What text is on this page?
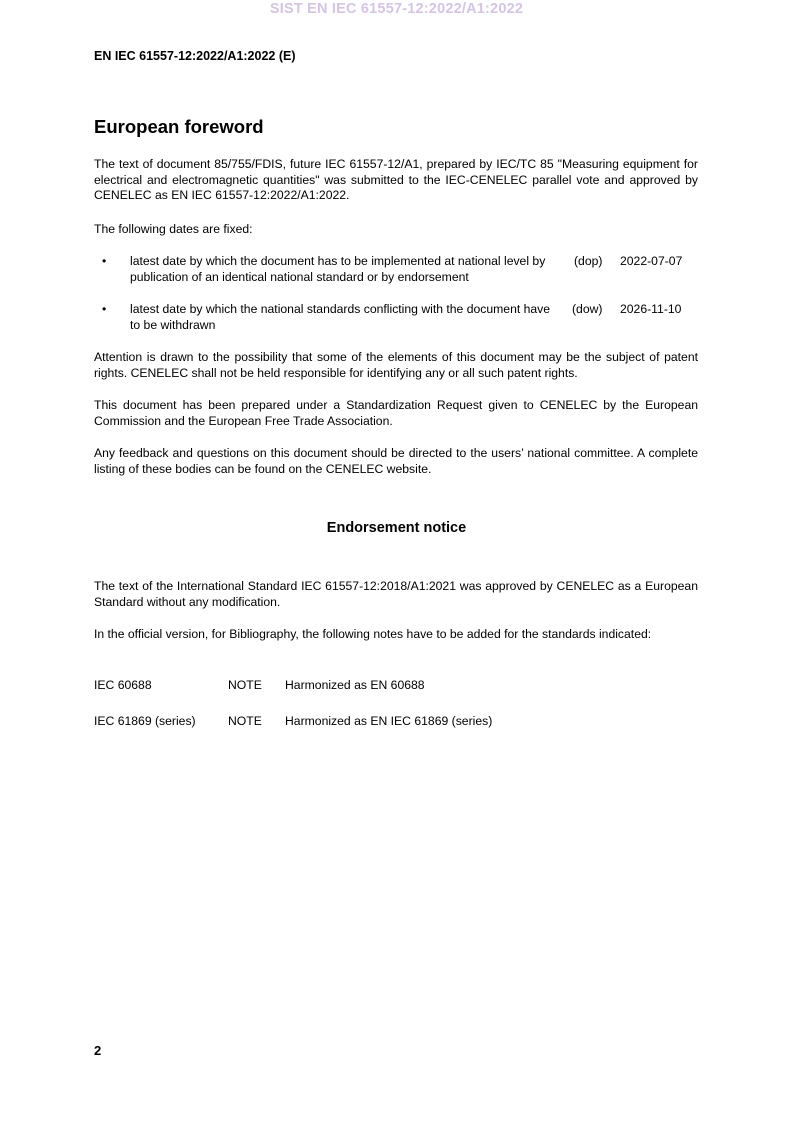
SIST EN IEC 61557-12:2022/A1:2022
EN IEC 61557-12:2022/A1:2022 (E)
European foreword

The text of document 85/755/FDIS, future IEC 61557-12/A1, prepared by IEC/TC 85 "Measuring equipment for electrical and electromagnetic quantities" was submitted to the IEC-CENELEC parallel vote and approved by CENELEC as EN IEC 61557-12:2022/A1:2022.

The following dates are fixed:

• latest date by which the document has to be implemented at national level by publication of an identical national standard or by endorsement
(dop) 2022-07-07
• latest date by which the national standards conflicting with the document have to be withdrawn
(dow) 2026-11-10

Attention is drawn to the possibility that some of the elements of this document may be the subject of patent rights. CENELEC shall not be held responsible for identifying any or all such patent rights.

This document has been prepared under a Standardization Request given to CENELEC by the European Commission and the European Free Trade Association.

Any feedback and questions on this document should be directed to the users’ national committee. A complete listing of these bodies can be found on the CENELEC website.

Endorsement notice

The text of the International Standard IEC 61557-12:2018/A1:2021 was approved by CENELEC as a European Standard without any modification.

In the official version, for Bibliography, the following notes have to be added for the standards indicated:

IEC 60688	NOTE Harmonized as EN 60688
IEC 61869 (series)	NOTE Harmonized as EN IEC 61869 (series)
2
